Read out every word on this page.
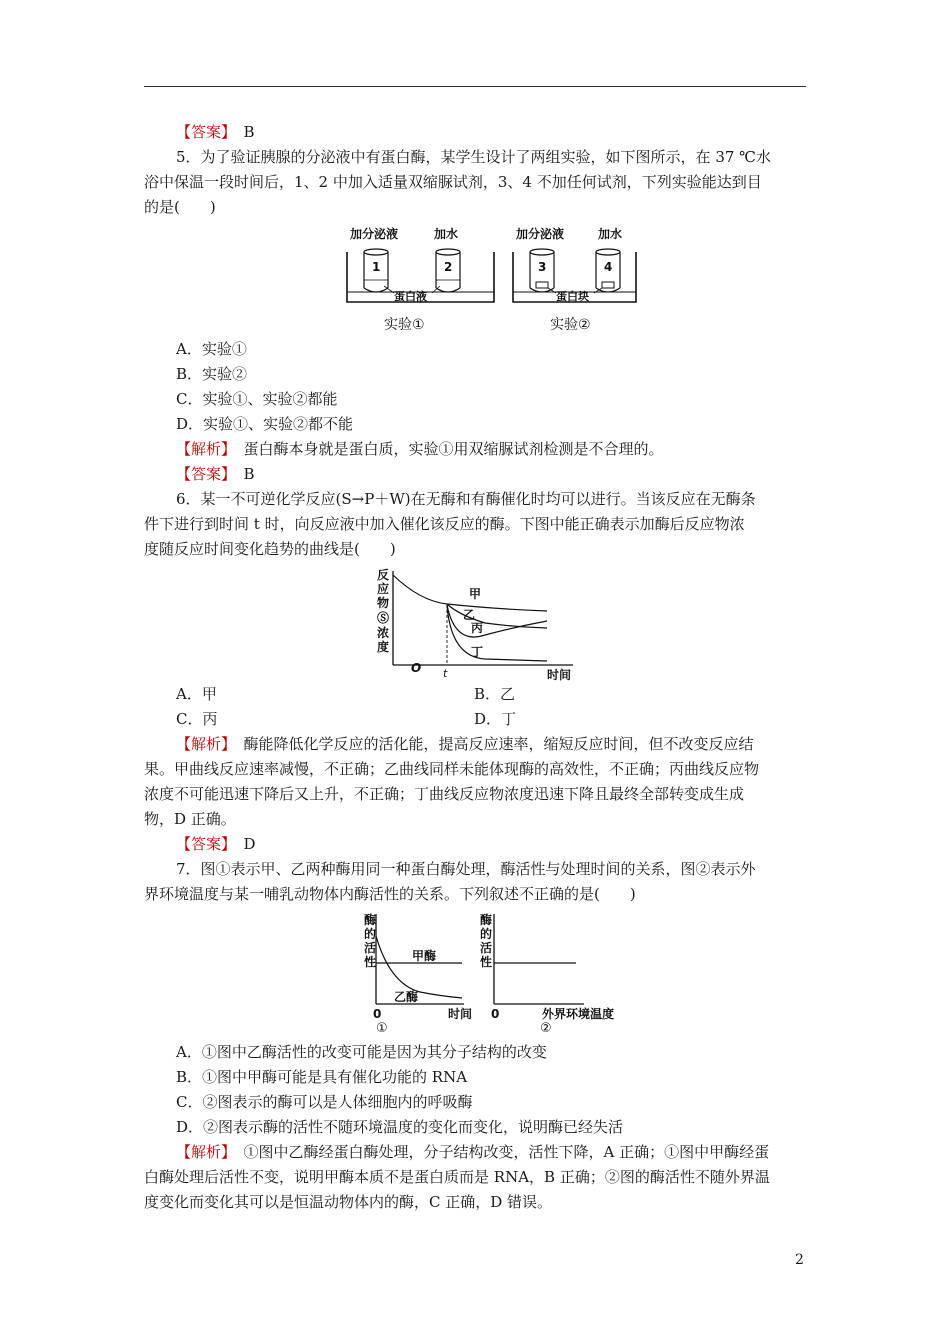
【答案】　 B
5．为了验证胰腺的分泌液中有蛋白酶，某学生设计了两组实验，如下图所示，在 37 ℃水
浴中保温一段时间后，1、2 中加入适量双缩脲试剂，3、4 不加任何试剂，下列实验能达到目
的是(　　)
加分泌液	加水
1	2
蛋白液
实验①
加分泌液	加水
3	4
蛋白块
实验②
A．实验①
B．实验②
C．实验①、实验②都能
D．实验①、实验②都不能
【解析】　蛋白酶本身就是蛋白质，实验①用双缩脲试剂检测是不合理的。
【答案】　 B
6．某一不可逆化学反应(S→P＋W)在无酶和有酶催化时均可以进行。当该反应在无酶条
件下进行到时间 t 时，向反应液中加入催化该反应的酶。下图中能正确表示加酶后反应物浓
度随反应时间变化趋势的曲线是(　　)
反
应
物
Ⓢ
浓
度
O t	时间
甲
乙
丙
丁
A．甲	B．乙
C．丙	D．丁
【解析】　酶能降低化学反应的活化能，提高反应速率，缩短反应时间，但不改变反应结
果。甲曲线反应速率减慢，不正确；乙曲线同样未能体现酶的高效性，不正确；丙曲线反应物
浓度不可能迅速下降后又上升，不正确；丁曲线反应物浓度迅速下降且最终全部转变成生成
物，D 正确。
【答案】　 D
7．图①表示甲、乙两种酶用同一种蛋白酶处理，酶活性与处理时间的关系，图②表示外
界环境温度与某一哺乳动物体内酶活性的关系。下列叙述不正确的是(　　)
酶
的
活
性	甲酶
乙酶
0	时间
①
酶
的
活
性
0	外界环境温度
②
A．①图中乙酶活性的改变可能是因为其分子结构的改变
B．①图中甲酶可能是具有催化功能的 RNA
C．②图表示的酶可以是人体细胞内的呼吸酶
D．②图表示酶的活性不随环境温度的变化而变化，说明酶已经失活
【解析】　①图中乙酶经蛋白酶处理，分子结构改变，活性下降，A 正确；①图中甲酶经蛋
白酶处理后活性不变，说明甲酶本质不是蛋白质而是 RNA，B 正确；②图的酶活性不随外界温
度变化而变化其可以是恒温动物体内的酶，C 正确，D 错误。
2
